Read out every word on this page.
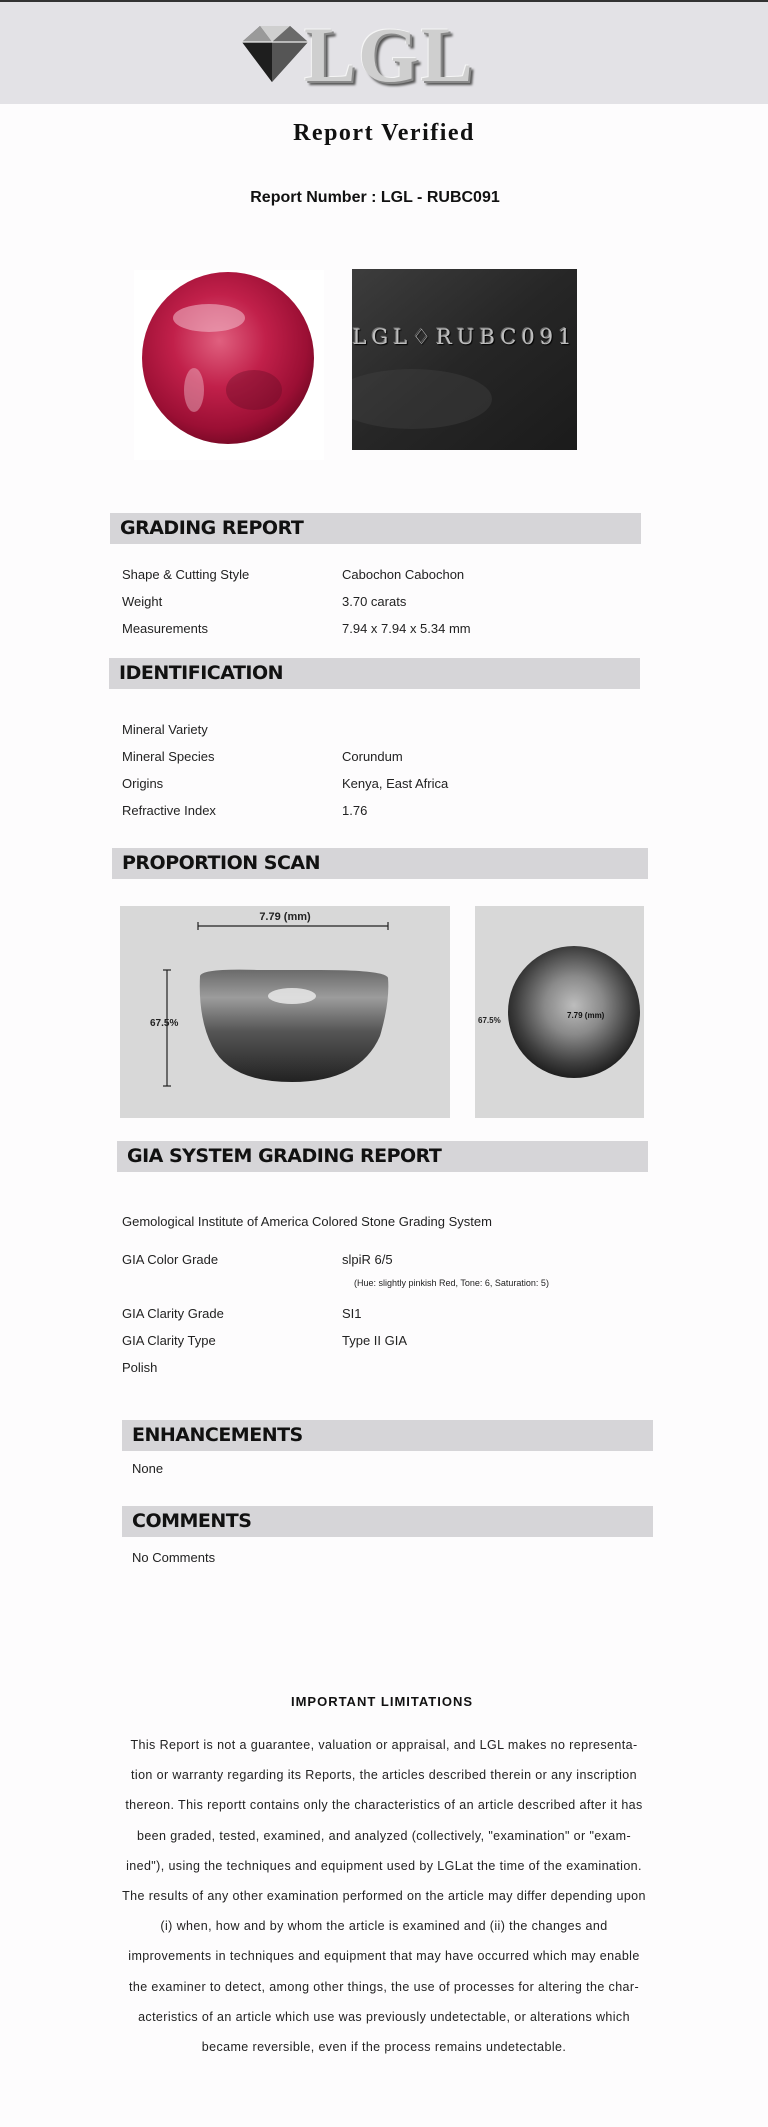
LGL
Report Verified
Report Number : LGL - RUBC091
LGL♢RUBC091
GRADING REPORT
Shape & Cutting Style	Cabochon Cabochon
Weight	3.70 carats
Measurements	7.94 x 7.94 x 5.34 mm
IDENTIFICATION
Mineral Variety
Mineral Species	Corundum
Origins	Kenya, East Africa
Refractive Index	1.76
PROPORTION SCAN
7.79 (mm)
67.5%	67.5%
7.79 (mm)
GIA SYSTEM GRADING REPORT
Gemological Institute of America Colored Stone Grading System
GIA Color Grade	slpiR 6/5
(Hue: slightly pinkish Red, Tone: 6, Saturation: 5)
GIA Clarity Grade	SI1
GIA Clarity Type	Type II GIA
Polish
ENHANCEMENTS
None
COMMENTS
No Comments
IMPORTANT LIMITATIONS
This Report is not a guarantee, valuation or appraisal, and LGL makes no representa- tion or warranty regarding its Reports, the articles described therein or any inscription thereon. This reportt contains only the characteristics of an article described after it has been graded, tested, examined, and analyzed (collectively, "examination" or "exam- ined"), using the techniques and equipment used by LGLat the time of the examination. The results of any other examination performed on the article may differ depending upon (i) when, how and by whom the article is examined and (ii) the changes and improvements in techniques and equipment that may have occurred which may enable the examiner to detect, among other things, the use of processes for altering the char- acteristics of an article which use was previously undetectable, or alterations which became reversible, even if the process remains undetectable.
